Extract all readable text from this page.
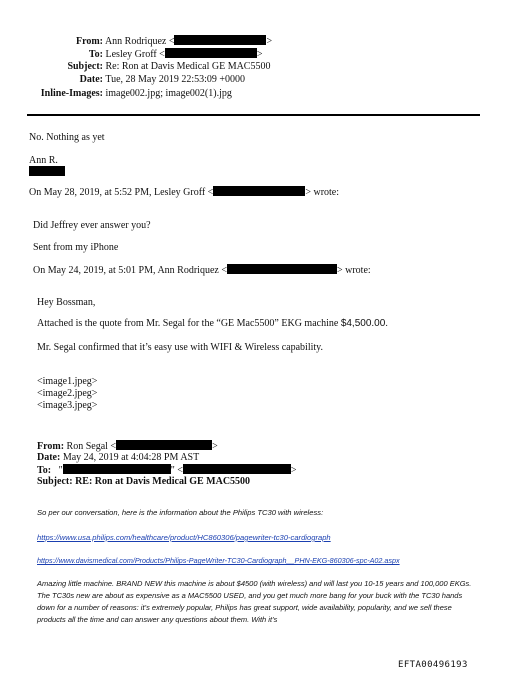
From: Ann Rodriquez <	>
To: Lesley Groff <	>
Subject: Re: Ron at Davis Medical GE MAC5500
Date: Tue, 28 May 2019 22:53:09 +0000
Inline-Images: image002.jpg; image002(1).jpg
No. Nothing as yet
Ann R.
On May 28, 2019, at 5:52 PM, Lesley Groff <	> wrote:
Did Jeffrey ever answer you?
Sent from my iPhone
On May 24, 2019, at 5:01 PM, Ann Rodriquez <	> wrote:
Hey Bossman,
Attached is the quote from Mr. Segal for the “GE Mac5500” EKG machine $4,500.00.
Mr. Segal confirmed that it’s easy use with WIFI & Wireless capability.
<image1.jpeg>
<image2.jpeg>
<image3.jpeg>
From: Ron Segal <	>
Date: May 24, 2019 at 4:04:28 PM AST
To: "	" <	>
Subject: RE: Ron at Davis Medical GE MAC5500
So per our conversation, here is the information about the Philips TC30 with wireless:
https://www.usa.philips.com/healthcare/product/HC860306/pagewriter-tc30-cardiograph
https://www.davismedical.com/Products/Philips-PageWriter-TC30-Cardiograph__PHN-EKG-860306-spc-A02.aspx
Amazing little machine. BRAND NEW this machine is about $4500 (with wireless) and will last you 10-15 years and 100,000 EKGs. The TC30s new are about as expensive as a MAC5500 USED, and you get much more bang for your buck with the TC30 hands down for a number of reasons: it’s extremely popular, Philips has great support, wide availability, popularity, and we sell these products all the time and can answer any questions about them. With it’s
EFTA00496193
